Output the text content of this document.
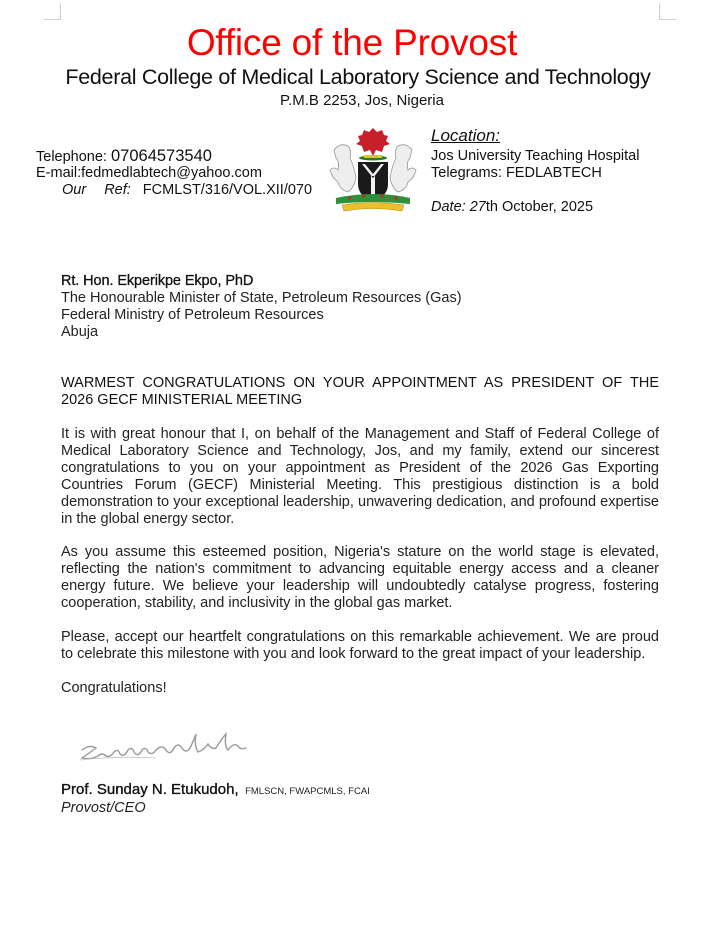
Office of the Provost
Federal College of Medical Laboratory Science and Technology
P.M.B 2253, Jos, Nigeria
Telephone: 07064573540
E-mail:fedmedlabtech@yahoo.com
Our Ref: FCMLST/316/VOL.XII/070
Location:
Jos University Teaching Hospital
Telegrams: FEDLABTECH
Date: 27th October, 2025
Rt. Hon. Ekperikpe Ekpo, PhD
The Honourable Minister of State, Petroleum Resources (Gas)
Federal Ministry of Petroleum Resources
Abuja
WARMEST CONGRATULATIONS ON YOUR APPOINTMENT AS PRESIDENT OF THE 2026 GECF MINISTERIAL MEETING
It is with great honour that I, on behalf of the Management and Staff of Federal College of Medical Laboratory Science and Technology, Jos, and my family, extend our sincerest congratulations to you on your appointment as President of the 2026 Gas Exporting Countries Forum (GECF) Ministerial Meeting. This prestigious distinction is a bold demonstration to your exceptional leadership, unwavering dedication, and profound expertise in the global energy sector.
As you assume this esteemed position, Nigeria's stature on the world stage is elevated, reflecting the nation's commitment to advancing equitable energy access and a cleaner energy future. We believe your leadership will undoubtedly catalyse progress, fostering cooperation, stability, and inclusivity in the global gas market.
Please, accept our heartfelt congratulations on this remarkable achievement. We are proud to celebrate this milestone with you and look forward to the great impact of your leadership.
Congratulations!
Prof. Sunday N. Etukudoh, FMLSCN, FWAPCMLS, FCAI
Provost/CEO
